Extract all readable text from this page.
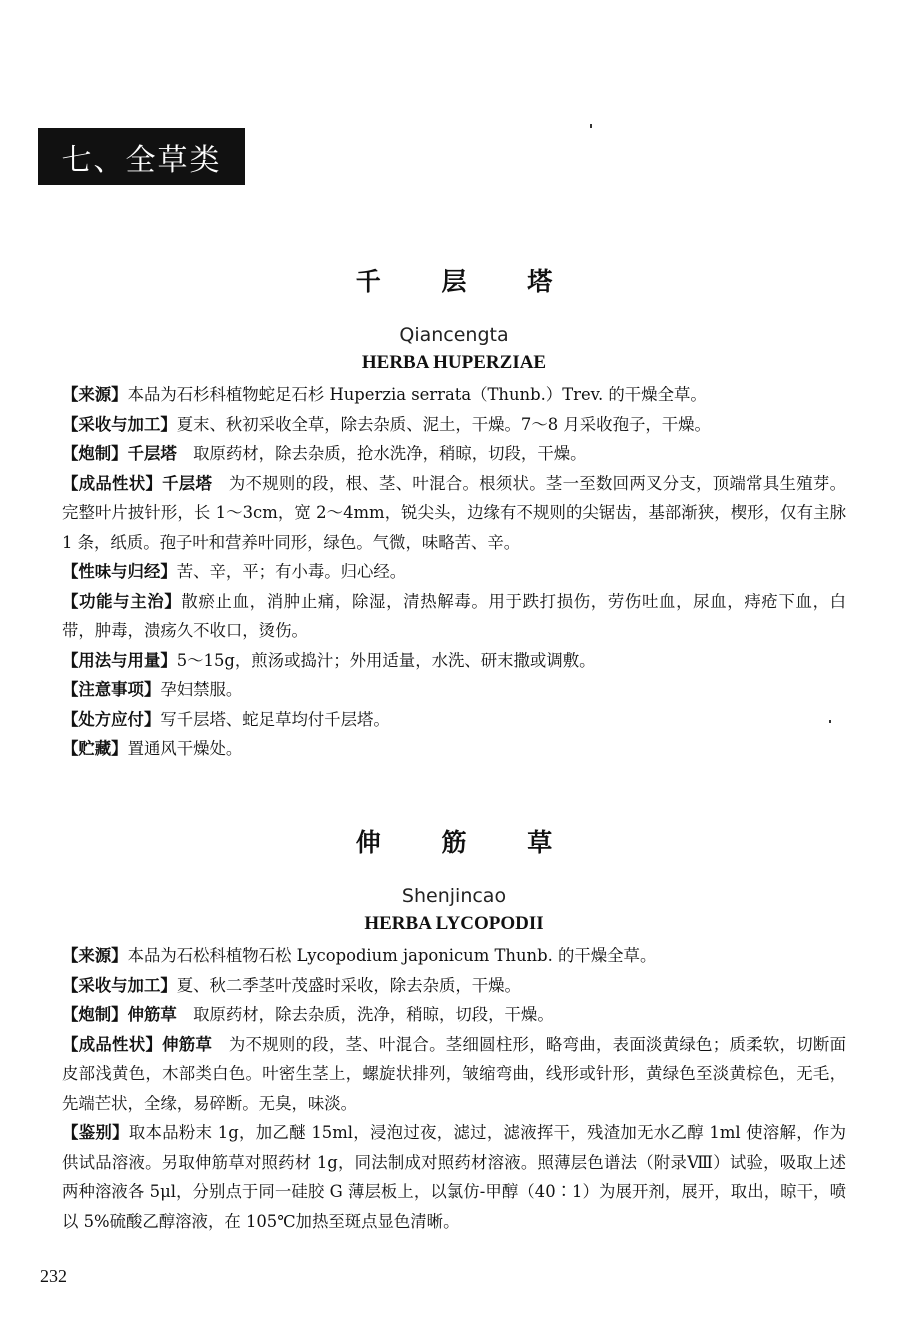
七、全草类
千 层 塔
Qiancengta
HERBA HUPERZIAE

【来源】本品为石杉科植物蛇足石杉 Huperzia serrata（Thunb.）Trev. 的干燥全草。

【采收与加工】夏末、秋初采收全草，除去杂质、泥土，干燥。7～8 月采收孢子，干燥。

【炮制】千层塔　 取原药材，除去杂质，抢水洗净，稍晾，切段，干燥。

【成品性状】千层塔　 为不规则的段，根、茎、叶混合。根须状。茎一至数回两叉分支，顶端常具生殖芽。完整叶片披针形，长 1～3cm，宽 2～4mm，锐尖头，边缘有不规则的尖锯齿，基部渐狭，楔形，仅有主脉 1 条，纸质。孢子叶和营养叶同形，绿色。气微，味略苦、辛。

【性味与归经】苦、辛，平；有小毒。归心经。

【功能与主治】散瘀止血，消肿止痛，除湿，清热解毒。用于跌打损伤，劳伤吐血，尿血，痔疮下血，白带，肿毒，溃疡久不收口，烫伤。

【用法与用量】5～15g，煎汤或捣汁；外用适量，水洗、研末撒或调敷。

【注意事项】孕妇禁服。

【处方应付】写千层塔、蛇足草均付千层塔。

【贮藏】置通风干燥处。

伸 筋 草
Shenjincao
HERBA LYCOPODII

【来源】本品为石松科植物石松 Lycopodium japonicum Thunb. 的干燥全草。

【采收与加工】夏、秋二季茎叶茂盛时采收，除去杂质，干燥。

【炮制】伸筋草　 取原药材，除去杂质，洗净，稍晾，切段，干燥。

【成品性状】伸筋草　 为不规则的段，茎、叶混合。茎细圆柱形，略弯曲，表面淡黄绿色；质柔软，切断面皮部浅黄色，木部类白色。叶密生茎上，螺旋状排列，皱缩弯曲，线形或针形，黄绿色至淡黄棕色，无毛，先端芒状，全缘，易碎断。无臭，味淡。

【鉴别】取本品粉末 1g，加乙醚 15ml，浸泡过夜，滤过，滤液挥干，残渣加无水乙醇 1ml 使溶解，作为供试品溶液。另取伸筋草对照药材 1g，同法制成对照药材溶液。照薄层色谱法（附录Ⅷ）试验，吸取上述两种溶液各 5μl，分别点于同一硅胶 G 薄层板上，以氯仿-甲醇（40∶1）为展开剂，展开，取出，晾干，喷以 5%硫酸乙醇溶液，在 105℃加热至斑点显色清晰。

232
